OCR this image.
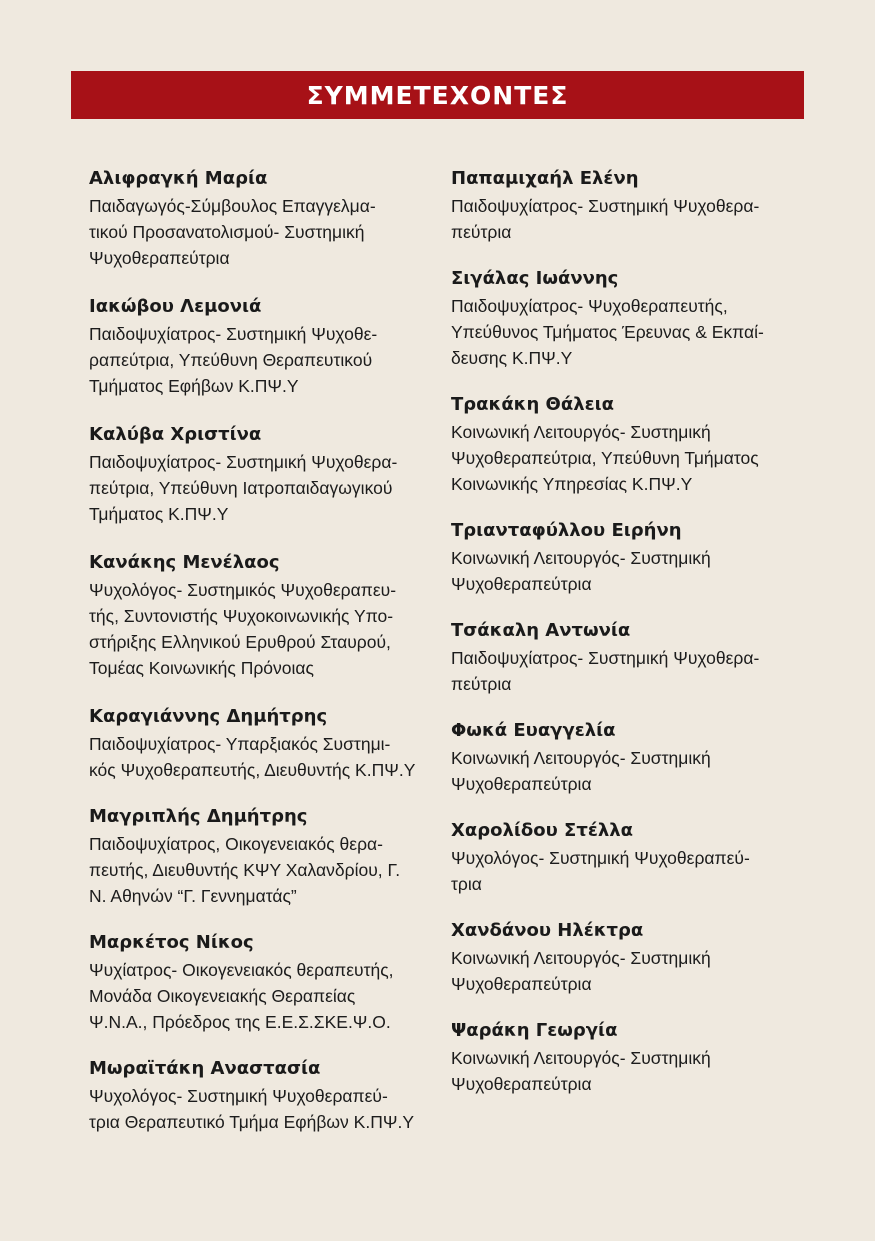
ΣΥΜΜΕΤΕΧΟΝΤΕΣ
Αλιφραγκή Μαρία
Παιδαγωγός-Σύμβουλος Επαγγελμα-
τικού Προσανατολισμού- Συστημική
Ψυχοθεραπεύτρια
Ιακώβου Λεμονιά
Παιδοψυχίατρος- Συστημική Ψυχοθε-
ραπεύτρια, Υπεύθυνη Θεραπευτικού
Τμήματος Εφήβων Κ.ΠΨ.Υ
Καλύβα Χριστίνα
Παιδοψυχίατρος- Συστημική Ψυχοθερα-
πεύτρια, Υπεύθυνη Ιατροπαιδαγωγικού
Τμήματος Κ.ΠΨ.Υ
Κανάκης Μενέλαος
Ψυχολόγος- Συστημικός Ψυχοθεραπευ-
τής, Συντονιστής Ψυχοκοινωνικής Υπο-
στήριξης Ελληνικού Ερυθρού Σταυρού,
Τομέας Κοινωνικής Πρόνοιας
Καραγιάννης Δημήτρης
Παιδοψυχίατρος- Υπαρξιακός Συστημι-
κός Ψυχοθεραπευτής, Διευθυντής Κ.ΠΨ.Υ
Μαγριπλής Δημήτρης
Παιδοψυχίατρος, Οικογενειακός θερα-
πευτής, Διευθυντής ΚΨΥ Χαλανδρίου, Γ.
Ν. Αθηνών “Γ. Γεννηματάς”
Μαρκέτος Νίκος
Ψυχίατρος- Οικογενειακός θεραπευτής,
Μονάδα Οικογενειακής Θεραπείας
Ψ.Ν.Α., Πρόεδρος της Ε.Ε.Σ.ΣΚΕ.Ψ.Ο.
Μωραϊτάκη Αναστασία
Ψυχολόγος- Συστημική Ψυχοθεραπεύ-
τρια Θεραπευτικό Τμήμα Εφήβων Κ.ΠΨ.Υ
Παπαμιχαήλ Ελένη
Παιδοψυχίατρος- Συστημική Ψυχοθερα-
πεύτρια
Σιγάλας Ιωάννης
Παιδοψυχίατρος- Ψυχοθεραπευτής,
Υπεύθυνος Τμήματος Έρευνας & Εκπαί-
δευσης Κ.ΠΨ.Υ
Τρακάκη Θάλεια
Κοινωνική Λειτουργός- Συστημική
Ψυχοθεραπεύτρια, Υπεύθυνη Τμήματος
Κοινωνικής Υπηρεσίας Κ.ΠΨ.Υ
Τριανταφύλλου Ειρήνη
Κοινωνική Λειτουργός- Συστημική
Ψυχοθεραπεύτρια
Τσάκαλη Αντωνία
Παιδοψυχίατρος- Συστημική Ψυχοθερα-
πεύτρια
Φωκά Ευαγγελία
Κοινωνική Λειτουργός- Συστημική
Ψυχοθεραπεύτρια
Χαρολίδου Στέλλα
Ψυχολόγος- Συστημική Ψυχοθεραπεύ-
τρια
Χανδάνου Ηλέκτρα
Κοινωνική Λειτουργός- Συστημική
Ψυχοθεραπεύτρια
Ψαράκη Γεωργία
Κοινωνική Λειτουργός- Συστημική
Ψυχοθεραπεύτρια
